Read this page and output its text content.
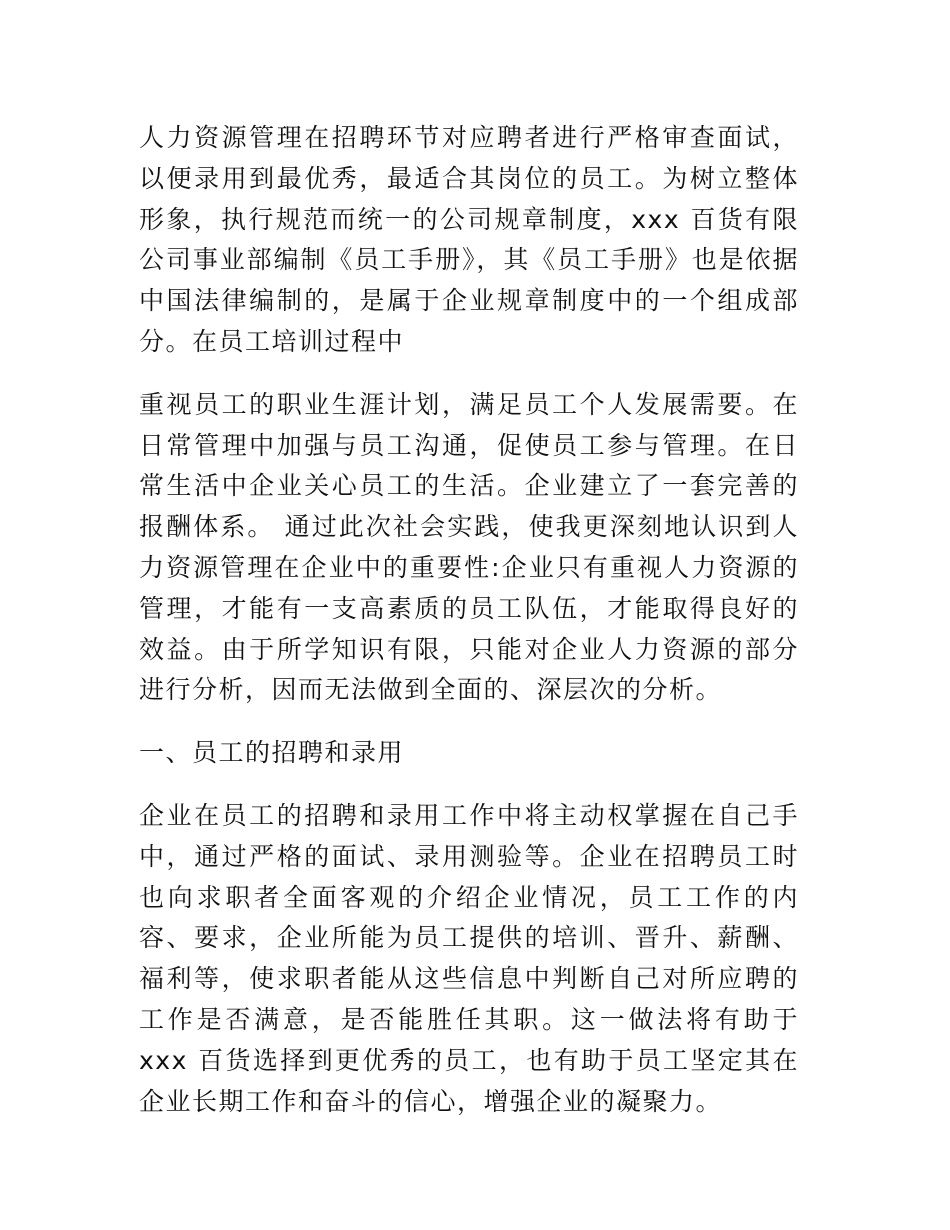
人力资源管理在招聘环节对应聘者进行严格审查面试，以便录用到最优秀，最适合其岗位的员工。为树立整体形象，执行规范而统一的公司规章制度，xxx 百货有限公司事业部编制《员工手册》，其《员工手册》也是依据中国法律编制的，是属于企业规章制度中的一个组成部分。在员工培训过程中

重视员工的职业生涯计划，满足员工个人发展需要。在日常管理中加强与员工沟通，促使员工参与管理。在日常生活中企业关心员工的生活。企业建立了一套完善的报酬体系。 通过此次社会实践，使我更深刻地认识到人力资源管理在企业中的重要性:企业只有重视人力资源的管理，才能有一支高素质的员工队伍，才能取得良好的效益。由于所学知识有限，只能对企业人力资源的部分进行分析，因而无法做到全面的、深层次的分析。

一、员工的招聘和录用

企业在员工的招聘和录用工作中将主动权掌握在自己手中，通过严格的面试、录用测验等。企业在招聘员工时也向求职者全面客观的介绍企业情况，员工工作的内容、要求，企业所能为员工提供的培训、晋升、薪酬、福利等，使求职者能从这些信息中判断自己对所应聘的工作是否满意，是否能胜任其职。这一做法将有助于 xxx 百货选择到更优秀的员工，也有助于员工坚定其在企业长期工作和奋斗的信心，增强企业的凝聚力。
